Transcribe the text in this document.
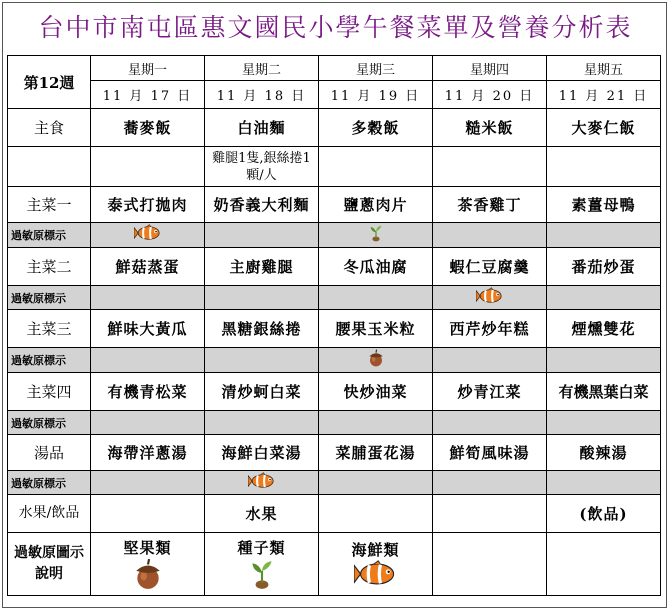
台中市南屯區惠文國民小學午餐菜單及營養分析表
第12週	星期一	星期二	星期三	星期四	星期五
	11 月 17 日	11 月 18 日	11 月 19 日	11 月 20 日	11 月 21 日
主食	蕎麥飯	白油麵	多穀飯	糙米飯	大麥仁飯
		雞腿1隻,銀絲捲1顆/人			
主菜一	泰式打拋肉	奶香義大利麵	鹽蔥肉片	茶香雞丁	素薑母鴨
過敏原標示					
主菜二	鮮菇蒸蛋	主廚雞腿	冬瓜油腐	蝦仁豆腐羹	番茄炒蛋
過敏原標示					
主菜三	鮮味大黃瓜	黑糖銀絲捲	腰果玉米粒	西芹炒年糕	煙燻雙花
過敏原標示					
主菜四	有機青松菜	清炒蚵白菜	快炒油菜	炒青江菜	有機黑葉白菜
過敏原標示					
湯品	海帶洋蔥湯	海鮮白菜湯	菜脯蛋花湯	鮮筍風味湯	酸辣湯
過敏原標示					
水果/飲品		水果			(飲品)
過敏原圖示說明	堅果類	種子類	海鮮類		
